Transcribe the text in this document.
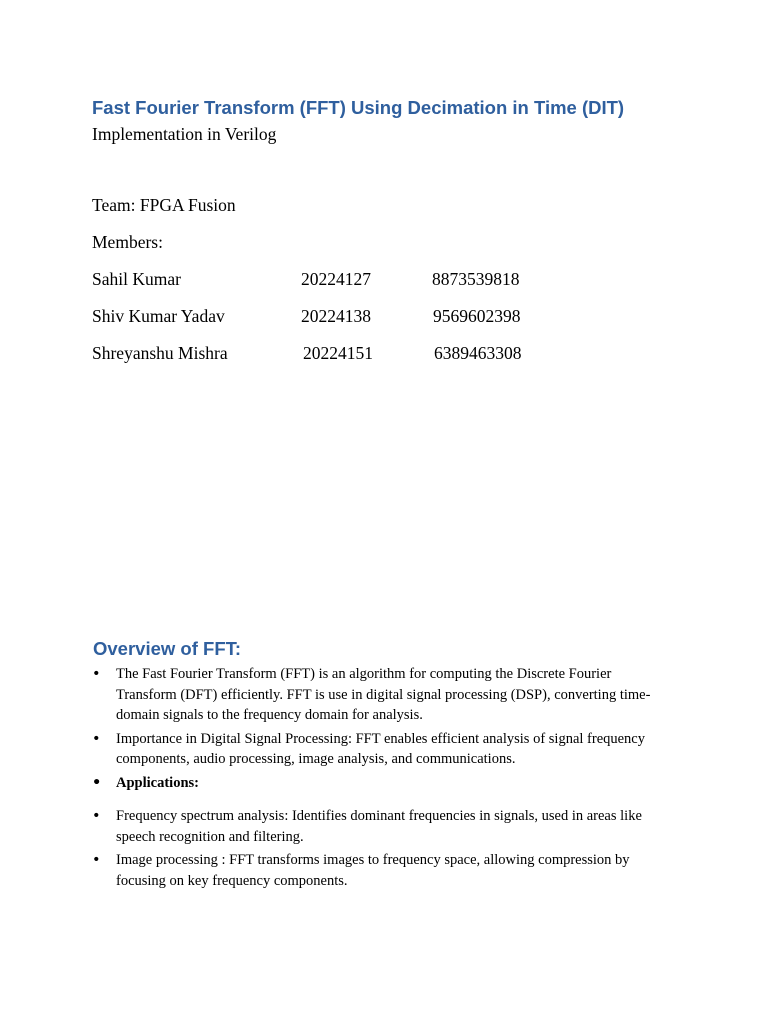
Fast Fourier Transform (FFT) Using Decimation in Time (DIT)
Implementation in Verilog
Team: FPGA Fusion
Members:
Sahil Kumar	20224127	8873539818
Shiv Kumar Yadav	20224138	9569602398
Shreyanshu Mishra	20224151	6389463308
Overview of FFT:
• The Fast Fourier Transform (FFT) is an algorithm for computing the Discrete Fourier Transform (DFT) efficiently. FFT is use in digital signal processing (DSP), converting time-domain signals to the frequency domain for analysis.
• Importance in Digital Signal Processing: FFT enables efficient analysis of signal frequency components, audio processing, image analysis, and communications.
• Applications:
• Frequency spectrum analysis: Identifies dominant frequencies in signals, used in areas like speech recognition and filtering.
• Image processing : FFT transforms images to frequency space, allowing compression by focusing on key frequency components.
